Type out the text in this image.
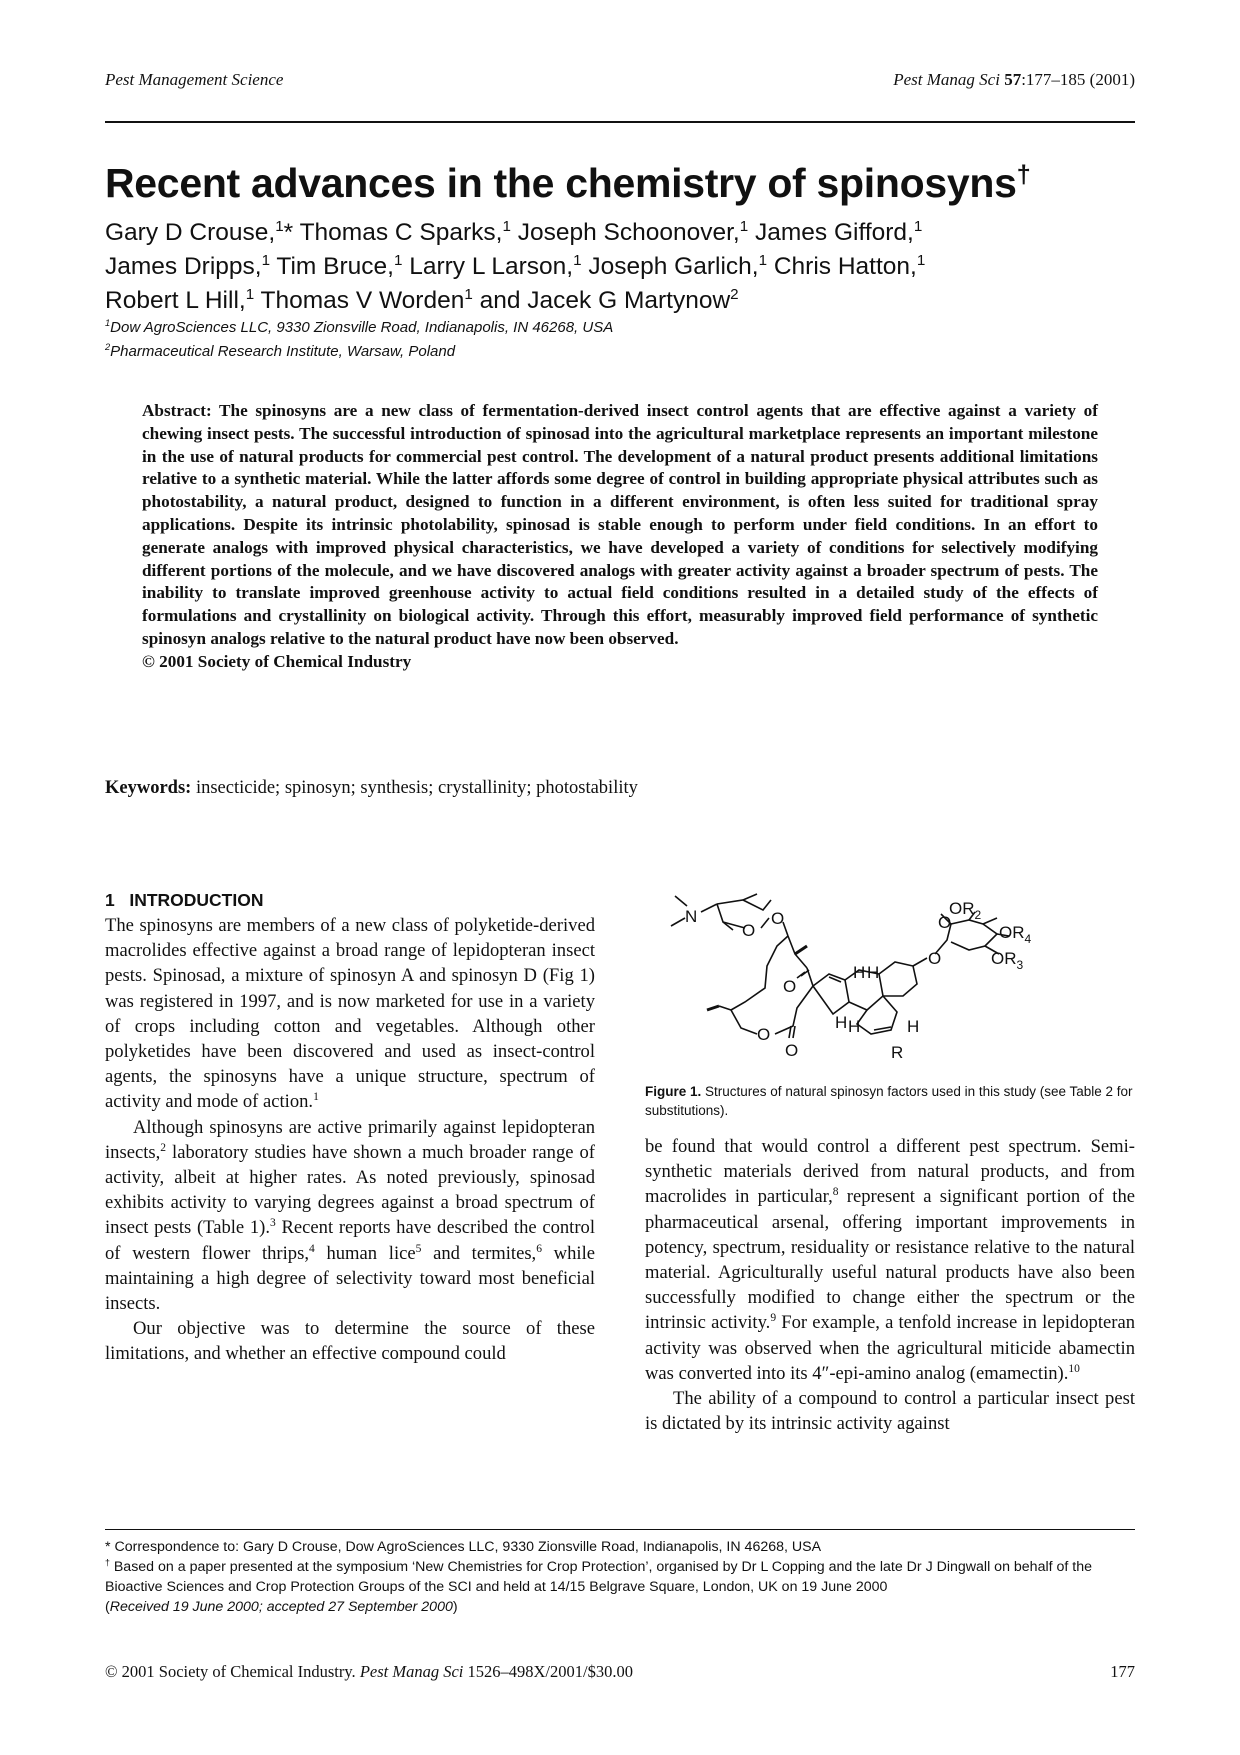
Pest Management Science	Pest Manag Sci 57:177–185 (2001)
Recent advances in the chemistry of spinosyns†
Gary D Crouse,$^1$* Thomas C Sparks,$^1$ Joseph Schoonover,$^1$ James Gifford,$^1$
James Dripps,$^1$ Tim Bruce,$^1$ Larry L Larson,$^1$ Joseph Garlich,$^1$ Chris Hatton,$^1$
Robert L Hill,$^1$ Thomas V Worden$^1$ and Jacek G Martynow$^2$
$^1$Dow AgroSciences LLC, 9330 Zionsville Road, Indianapolis, IN 46268, USA
$^2$Pharmaceutical Research Institute, Warsaw, Poland
Abstract: The spinosyns are a new class of fermentation-derived insect control agents that are effective against a variety of chewing insect pests. The successful introduction of spinosad into the agricultural marketplace represents an important milestone in the use of natural products for commercial pest control. The development of a natural product presents additional limitations relative to a synthetic material. While the latter affords some degree of control in building appropriate physical attributes such as photostability, a natural product, designed to function in a different environment, is often less suited for traditional spray applications. Despite its intrinsic photolability, spinosad is stable enough to perform under field conditions. In an effort to generate analogs with improved physical characteristics, we have developed a variety of conditions for selectively modifying different portions of the molecule, and we have discovered analogs with greater activity against a broader spectrum of pests. The inability to translate improved greenhouse activity to actual field conditions resulted in a detailed study of the effects of formulations and crystallinity on biological activity. Through this effort, measurably improved field performance of synthetic spinosyn analogs relative to the natural product have now been observed.
© 2001 Society of Chemical Industry
Keywords: insecticide; spinosyn; synthesis; crystallinity; photostability
1 INTRODUCTION

The spinosyns are members of a new class of polyketide-derived macrolides effective against a broad range of lepidopteran insect pests. Spinosad, a mixture of spinosyn A and spinosyn D (Fig 1) was registered in 1997, and is now marketed for use in a variety of crops including cotton and vegetables. Although other polyketides have been discovered and used as insect-control agents, the spinosyns have a unique structure, spectrum of activity and mode of action.$^1$

Although spinosyns are active primarily against lepidopteran insects,$^2$ laboratory studies have shown a much broader range of activity, albeit at higher rates. As noted previously, spinosad exhibits activity to varying degrees against a broad spectrum of insect pests (Table 1).$^3$ Recent reports have described the control of western flower thrips,$^4$ human lice$^5$ and termites,$^6$ while maintaining a high degree of selectivity toward most beneficial insects.

Our objective was to determine the source of these limitations, and whether an effective compound could

N
O
O
O
O
O
H H
H H	H
R
O
O
$OR_2$
$OR_4$
$OR_3$
Figure 1. Structures of natural spinosyn factors used in this study (see Table 2 for substitutions).

be found that would control a different pest spectrum. Semi-synthetic materials derived from natural products, and from macrolides in particular,$^8$ represent a significant portion of the pharmaceutical arsenal, offering important improvements in potency, spectrum, residuality or resistance relative to the natural material. Agriculturally useful natural products have also been successfully modified to change either the spectrum or the intrinsic activity.$^9$ For example, a tenfold increase in lepidopteran activity was observed when the agricultural miticide abamectin was converted into its 4″-epi-amino analog (emamectin).$^{10}$

The ability of a compound to control a particular insect pest is dictated by its intrinsic activity against

* Correspondence to: Gary D Crouse, Dow AgroSciences LLC, 9330 Zionsville Road, Indianapolis, IN 46268, USA

† Based on a paper presented at the symposium ‘New Chemistries for Crop Protection’, organised by Dr L Copping and the late Dr J Dingwall on behalf of the Bioactive Sciences and Crop Protection Groups of the SCI and held at 14/15 Belgrave Square, London, UK on 19 June 2000

(Received 19 June 2000; accepted 27 September 2000)

© 2001 Society of Chemical Industry. Pest Manag Sci 1526–498X/2001/$30.00	177
